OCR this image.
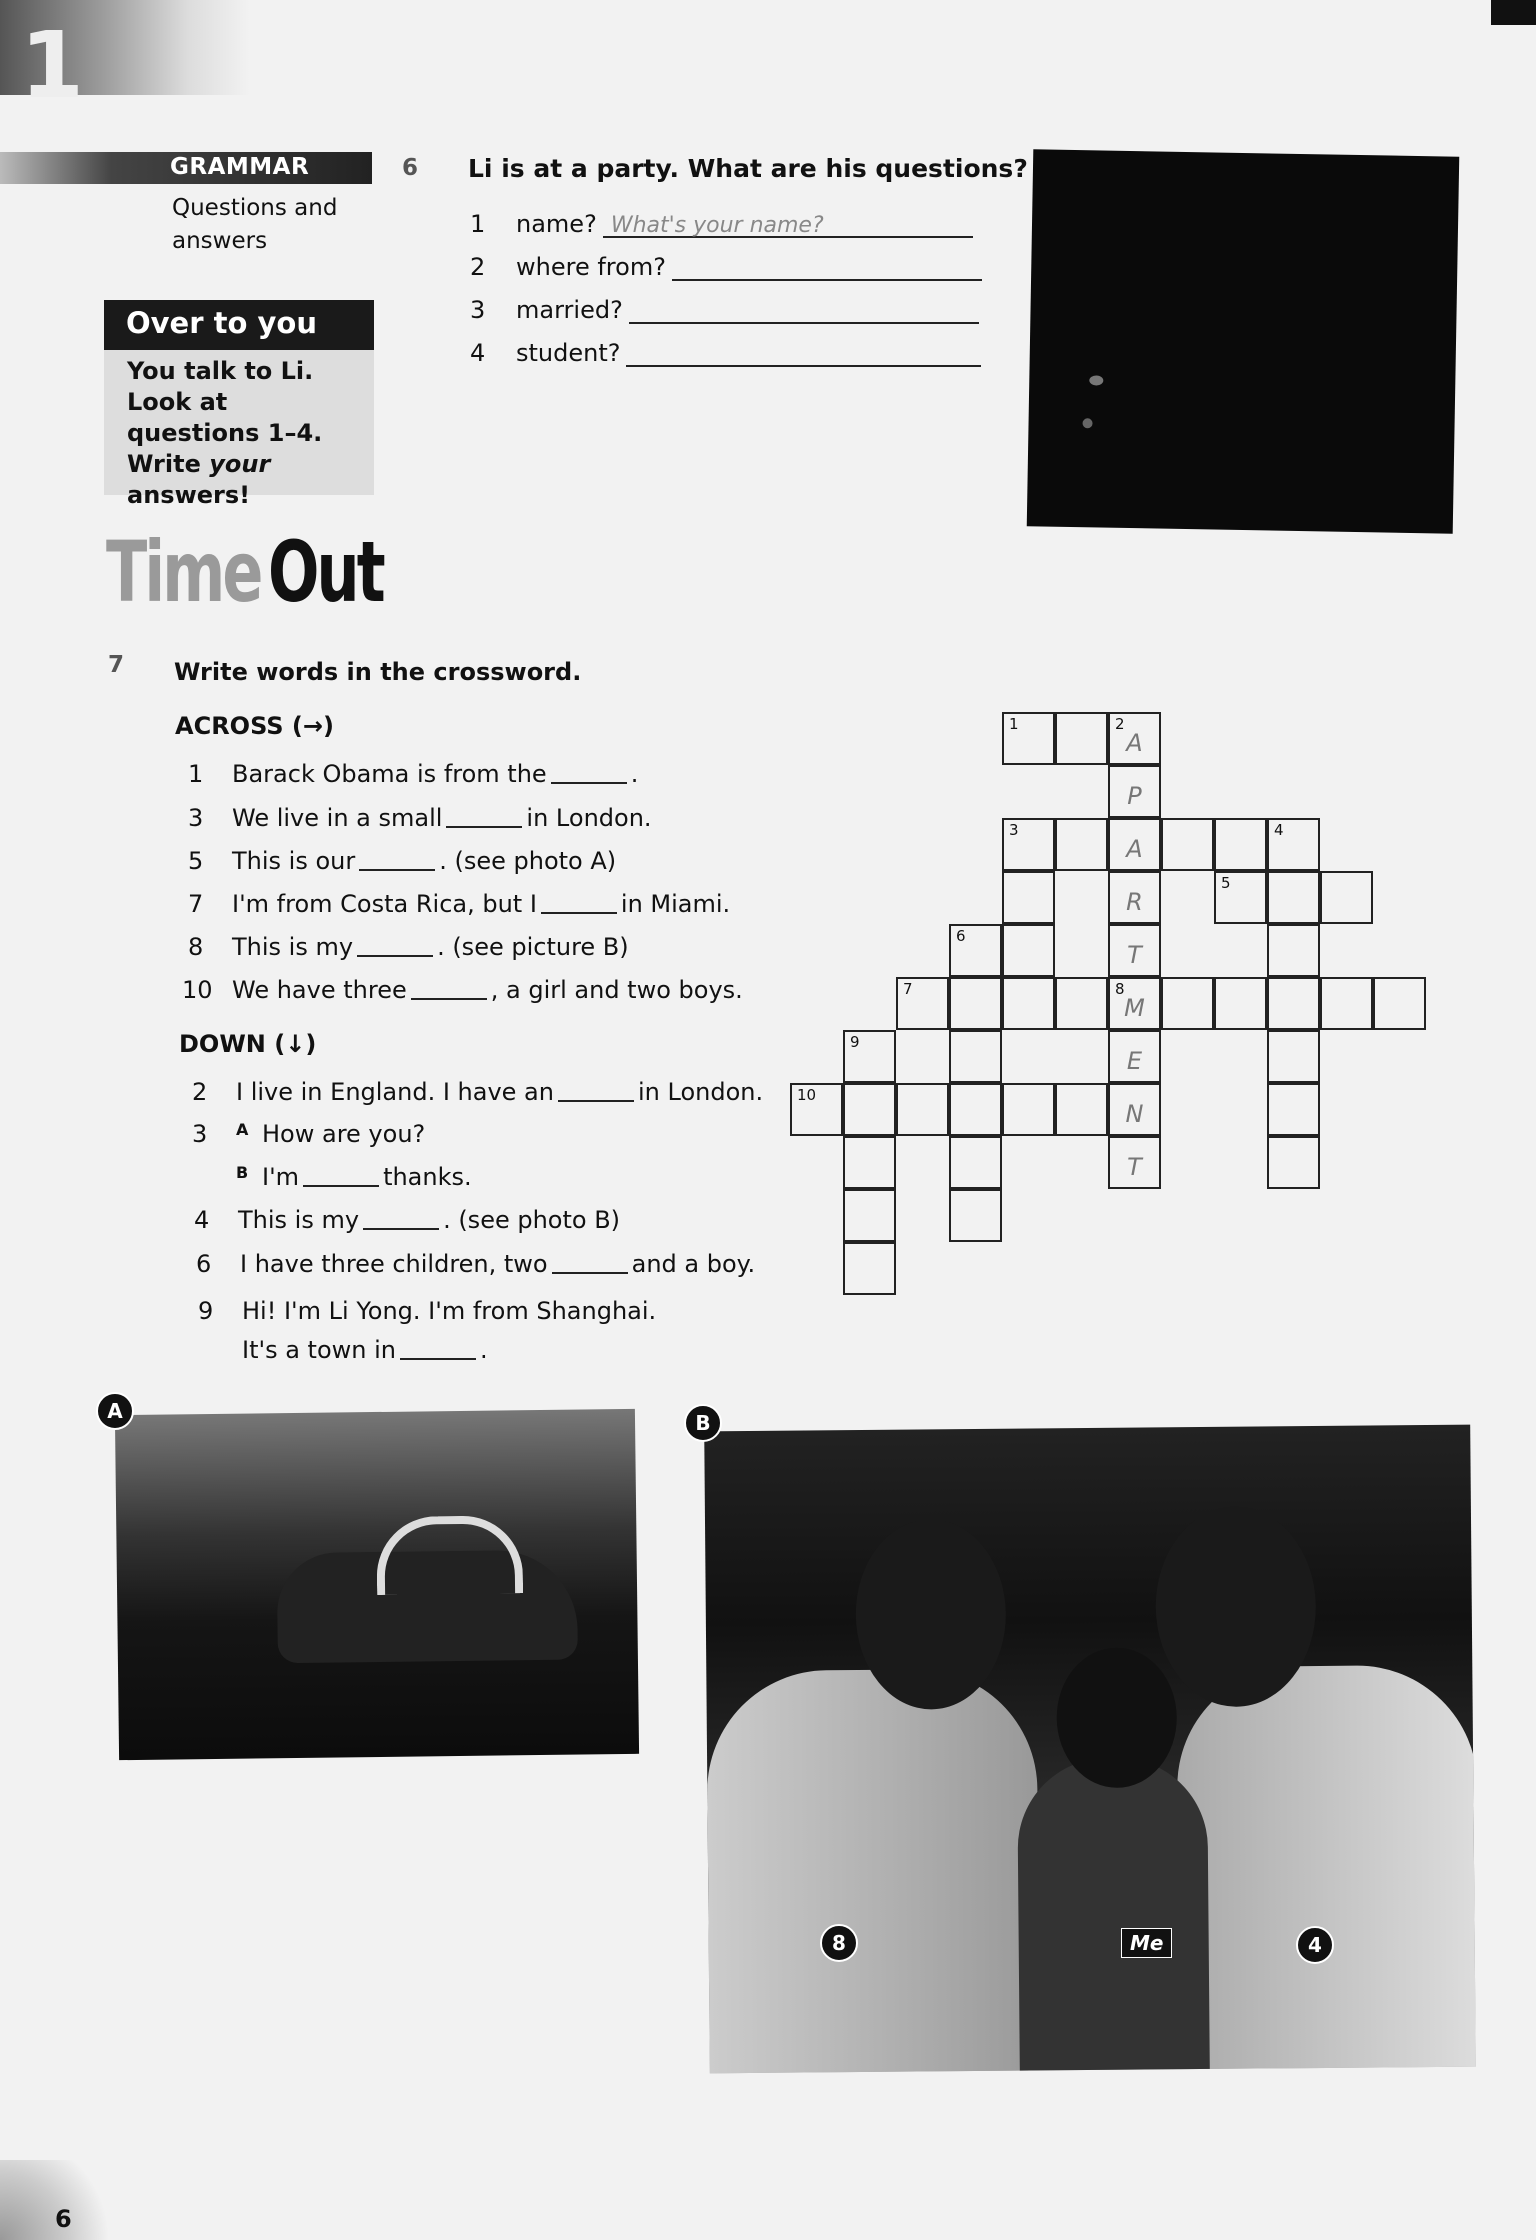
1
GRAMMAR
Questions and answers
Over to you
You talk to Li. Look at questions 1–4. Write your answers!
6 Li is at a party. What are his questions?
1	name? What's your name?
2	where from?
3	married?
4	student?
Time Out
7 Write words in the crossword.
ACROSS (→)
1	Barack Obama is from the	.
3	We live in a small	in London.
5	This is our	. (see photo A)
7	I'm from Costa Rica, but I	in Miami.
8	This is my	. (see picture B)
10 We have three	, a girl and two boys.
DOWN (↓)
2	I live in England. I have an	in London.
3	A How are you?
B I'm	thanks.
4	This is my	. (see photo B)
6	I have three children, two	and a boy.
9	Hi! I'm Li Yong. I'm from Shanghai.
It's a town in	.
1	2
A
P
A
R
T
8
M
E
N
T
3	4
5
6
7
9
10
A	B
8	4
Me
6
